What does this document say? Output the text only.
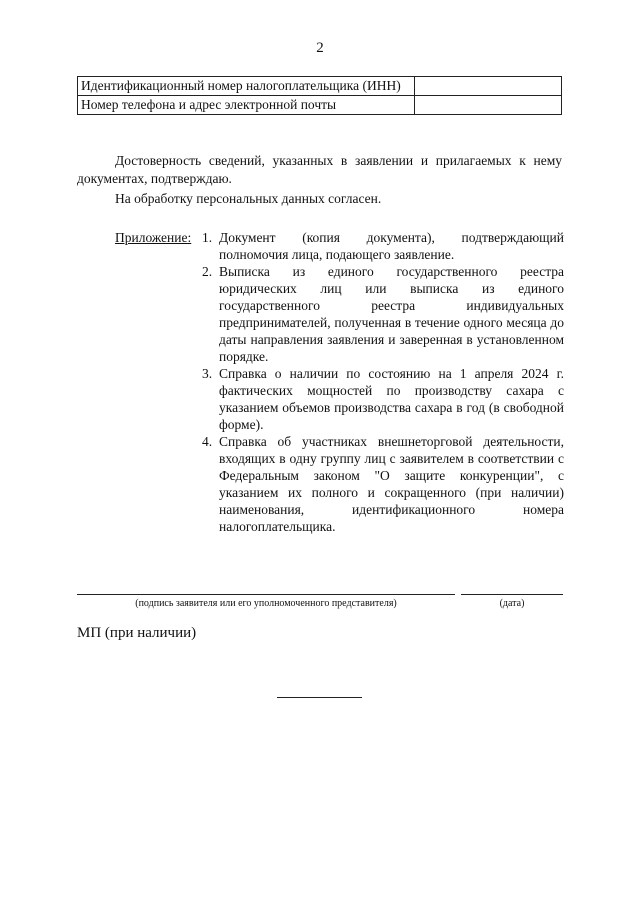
2
Идентификационный номер налогоплательщика (ИНН)	
Номер телефона и адрес электронной почты	
Достоверность сведений, указанных в заявлении и прилагаемых к нему документах, подтверждаю.
На обработку персональных данных согласен.
Приложение: 1. Документ (копия документа), подтверждающий полномочия лица, подающего заявление.
2. Выписка из единого государственного реестра юридических лиц или выписка из единого государственного реестра индивидуальных предпринимателей, полученная в течение одного месяца до даты направления заявления и заверенная в установленном порядке.
3. Справка о наличии по состоянию на 1 апреля 2024 г. фактических мощностей по производству сахара с указанием объемов производства сахара в год (в свободной форме).
4. Справка об участниках внешнеторговой деятельности, входящих в одну группу лиц с заявителем в соответствии с Федеральным законом "О защите конкуренции", с указанием их полного и сокращенного (при наличии) наименования, идентификационного номера налогоплательщика.
(подпись заявителя или его уполномоченного представителя)	(дата)
МП (при наличии)
